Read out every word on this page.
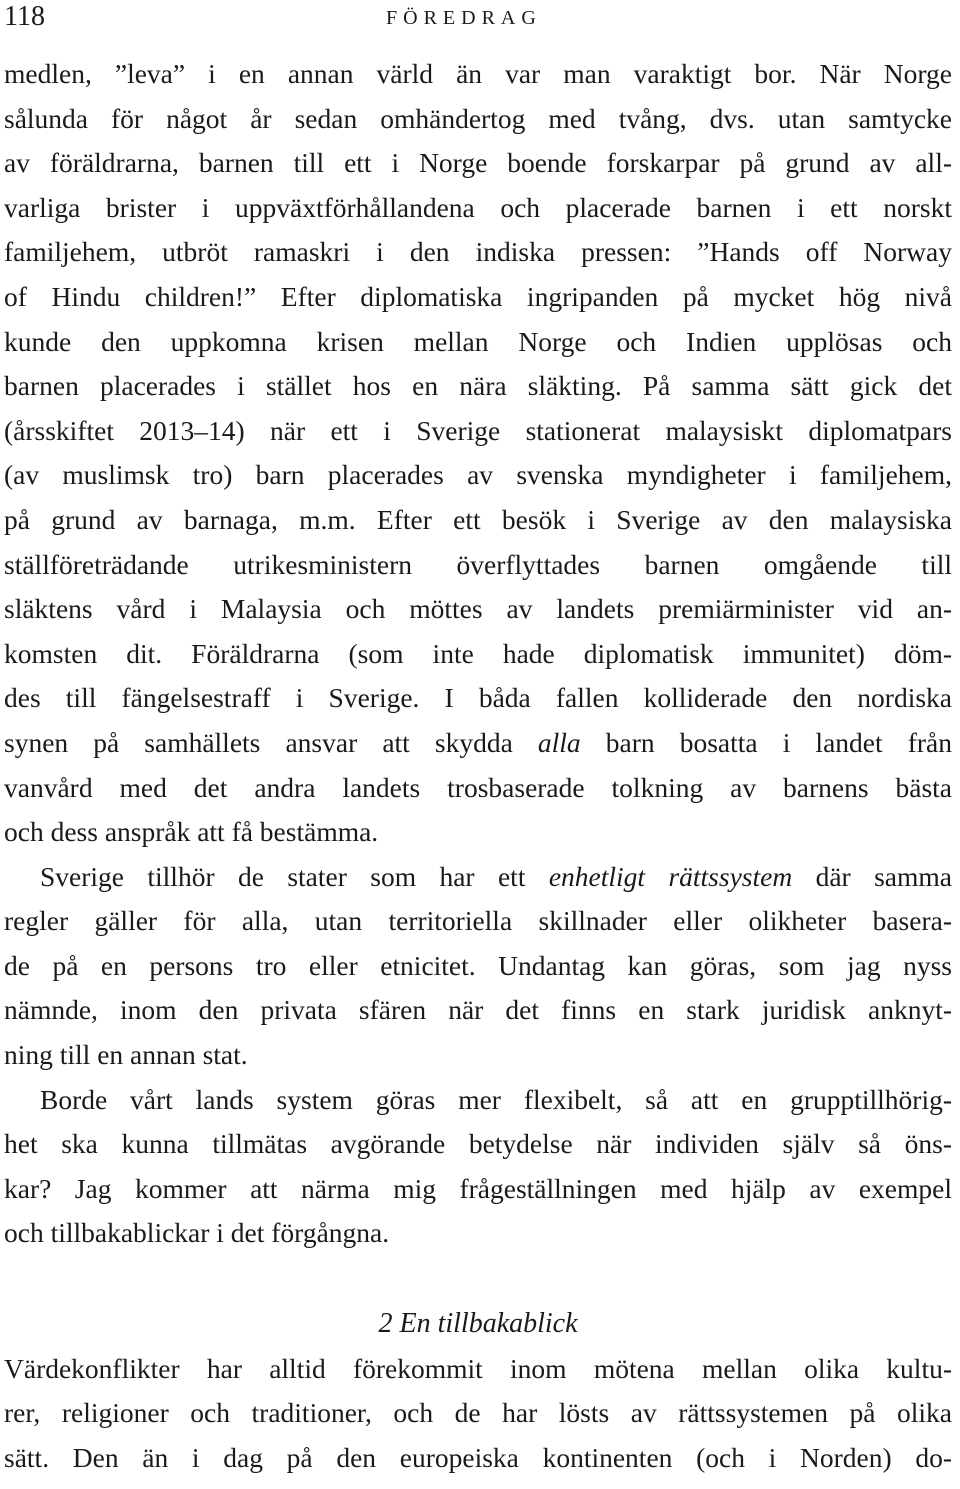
118	FÖREDRAG
medlen, ”leva” i en annan värld än var man varaktigt bor. När Norge
sålunda för något år sedan omhändertog med tvång, dvs. utan samtycke
av föräldrarna, barnen till ett i Norge boende forskarpar på grund av all-
varliga brister i uppväxtförhållandena och placerade barnen i ett norskt
familjehem, utbröt ramaskri i den indiska pressen: ”Hands off Norway
of Hindu children!” Efter diplomatiska ingripanden på mycket hög nivå
kunde den uppkomna krisen mellan Norge och Indien upplösas och
barnen placerades i stället hos en nära släkting. På samma sätt gick det
(årsskiftet 2013–14) när ett i Sverige stationerat malaysiskt diplomatpars
(av muslimsk tro) barn placerades av svenska myndigheter i familjehem,
på grund av barnaga, m.m. Efter ett besök i Sverige av den malaysiska
ställföreträdande utrikesministern överflyttades barnen omgående till
släktens vård i Malaysia och möttes av landets premiärminister vid an-
komsten dit. Föräldrarna (som inte hade diplomatisk immunitet) döm-
des till fängelsestraff i Sverige. I båda fallen kolliderade den nordiska
synen på samhällets ansvar att skydda alla barn bosatta i landet från
vanvård med det andra landets trosbaserade tolkning av barnens bästa
och dess anspråk att få bestämma.
Sverige tillhör de stater som har ett enhetligt rättssystem där samma
regler gäller för alla, utan territoriella skillnader eller olikheter basera-
de på en persons tro eller etnicitet. Undantag kan göras, som jag nyss
nämnde, inom den privata sfären när det finns en stark juridisk anknyt-
ning till en annan stat.
Borde vårt lands system göras mer flexibelt, så att en grupptillhörig-
het ska kunna tillmätas avgörande betydelse när individen själv så öns-
kar? Jag kommer att närma mig frågeställningen med hjälp av exempel
och tillbakablickar i det förgångna.
2 En tillbakablick
Värdekonflikter har alltid förekommit inom mötena mellan olika kultu-
rer, religioner och traditioner, och de har lösts av rättssystemen på olika
sätt. Den än i dag på den europeiska kontinenten (och i Norden) do-
